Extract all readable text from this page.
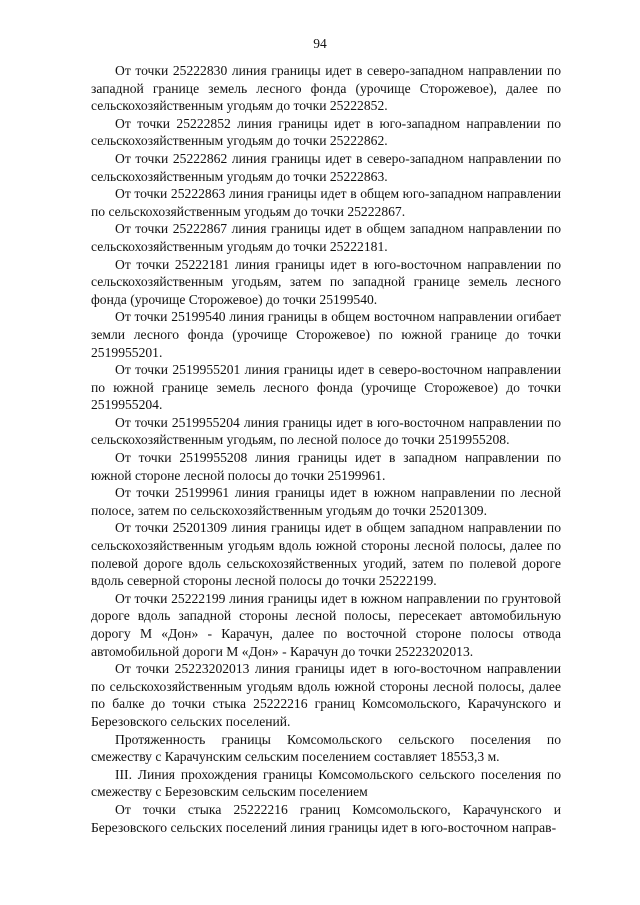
94

От точки 25222830 линия границы идет в северо-западном направлении по западной границе земель лесного фонда (урочище Сторожевое), далее по сельскохозяйственным угодьям до точки 25222852.

От точки 25222852 линия границы идет в юго-западном направлении по сельскохозяйственным угодьям до точки 25222862.

От точки 25222862 линия границы идет в северо-западном направлении по сельскохозяйственным угодьям до точки 25222863.

От точки 25222863 линия границы идет в общем юго-западном направлении по сельскохозяйственным угодьям до точки 25222867.

От точки 25222867 линия границы идет в общем западном направлении по сельскохозяйственным угодьям до точки 25222181.

От точки 25222181 линия границы идет в юго-восточном направлении по сельскохозяйственным угодьям, затем по западной границе земель лесного фонда (урочище Сторожевое) до точки 25199540.

От точки 25199540 линия границы в общем восточном направлении огибает земли лесного фонда (урочище Сторожевое) по южной границе до точки 2519955201.

От точки 2519955201 линия границы идет в северо-восточном направлении по южной границе земель лесного фонда (урочище Сторожевое) до точки 2519955204.

От точки 2519955204 линия границы идет в юго-восточном направлении по сельскохозяйственным угодьям, по лесной полосе до точки 2519955208.

От точки 2519955208 линия границы идет в западном направлении по южной стороне лесной полосы до точки 25199961.

От точки 25199961 линия границы идет в южном направлении по лесной полосе, затем по сельскохозяйственным угодьям до точки 25201309.

От точки 25201309 линия границы идет в общем западном направлении по сельскохозяйственным угодьям вдоль южной стороны лесной полосы, далее по полевой дороге вдоль сельскохозяйственных угодий, затем по полевой дороге вдоль северной стороны лесной полосы до точки 25222199.

От точки 25222199 линия границы идет в южном направлении по грунтовой дороге вдоль западной стороны лесной полосы, пересекает автомобильную дорогу М «Дон» - Карачун, далее по восточной стороне полосы отвода автомобильной дороги М «Дон» - Карачун до точки 25223202013.

От точки 25223202013 линия границы идет в юго-восточном направлении по сельскохозяйственным угодьям вдоль южной стороны лесной полосы, далее по балке до точки стыка 25222216 границ Комсомольского, Карачунского и Березовского сельских поселений.

Протяженность границы Комсомольского сельского поселения по смежеству с Карачунским сельским поселением составляет 18553,3 м.

III. Линия прохождения границы Комсомольского сельского поселения по смежеству с Березовским сельским поселением

От точки стыка 25222216 границ Комсомольского, Карачунского и Березовского сельских поселений линия границы идет в юго-восточном направ-
